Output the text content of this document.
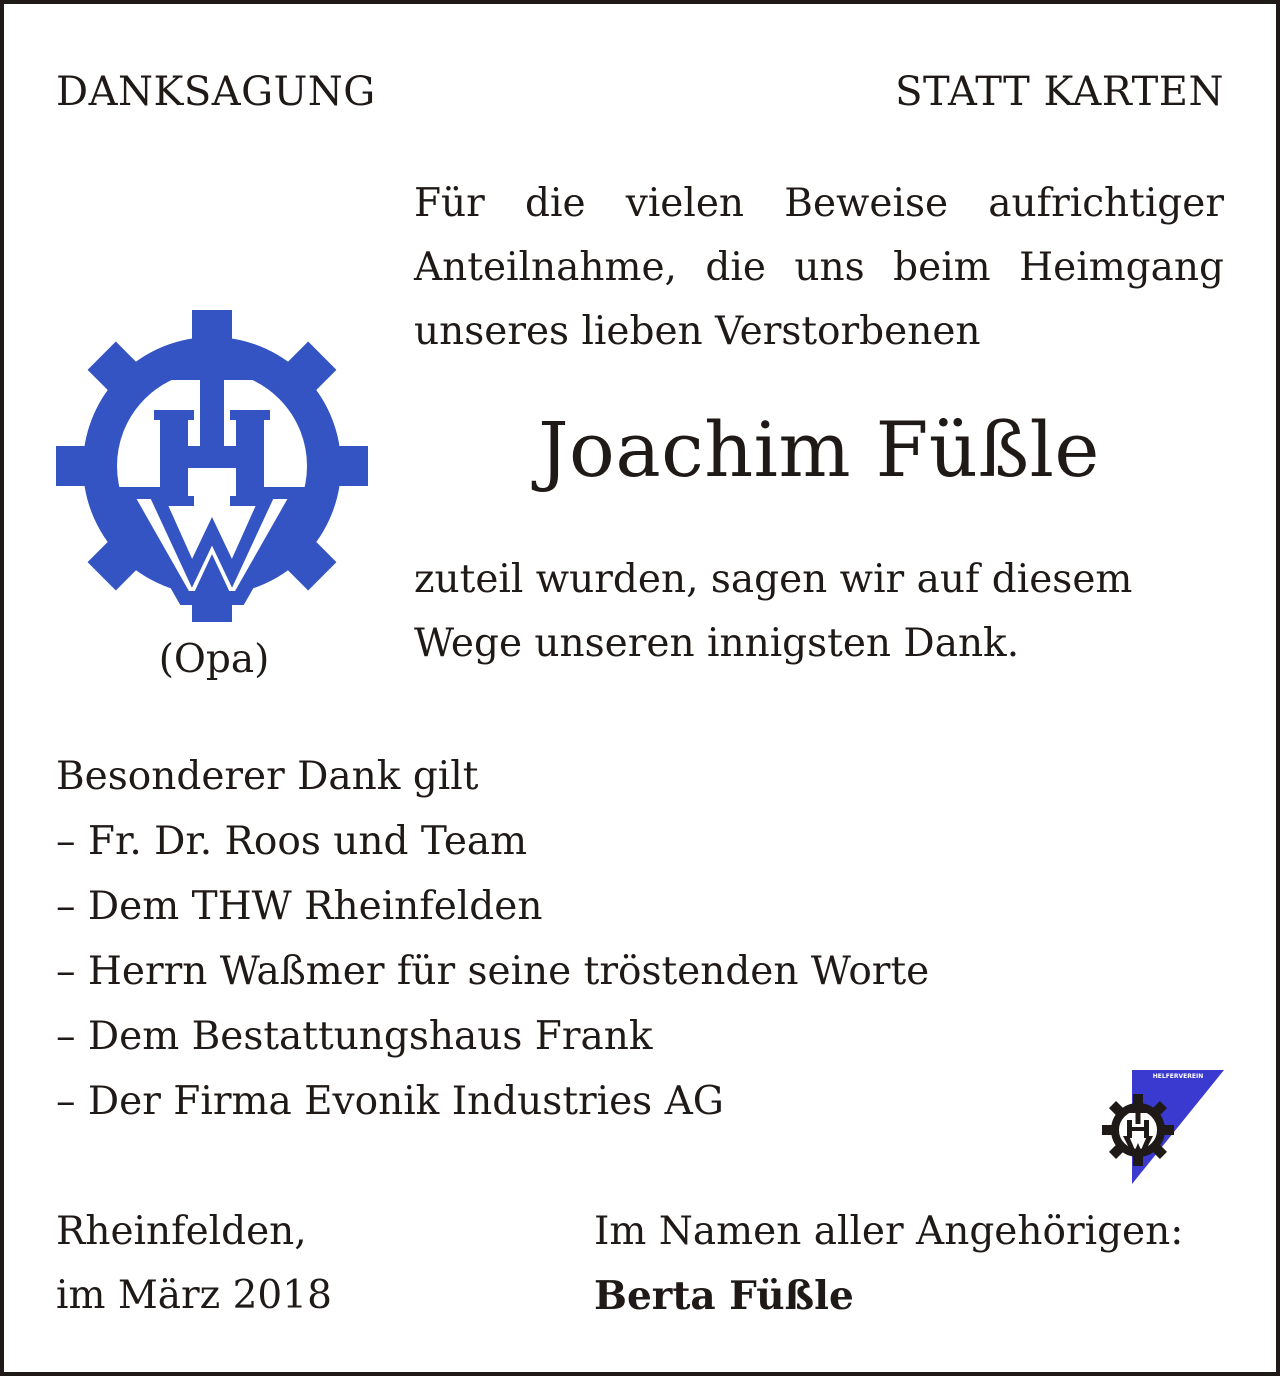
DANKSAGUNG	STATT KARTEN
Für die vielen Beweise aufrichtiger
Anteilnahme, die uns beim Heimgang
unseres lieben Verstorbenen
Joachim Füßle
zuteil wurden, sagen wir auf diesem
Wege unseren innigsten Dank.
(Opa)
Besonderer Dank gilt
– Fr. Dr. Roos und Team
– Dem THW Rheinfelden
– Herrn Waßmer für seine tröstenden Worte
– Dem Bestattungshaus Frank
– Der Firma Evonik Industries AG
HELFERVEREIN
Rheinfelden,
im März 2018
Im Namen aller Angehörigen:
Berta Füßle
